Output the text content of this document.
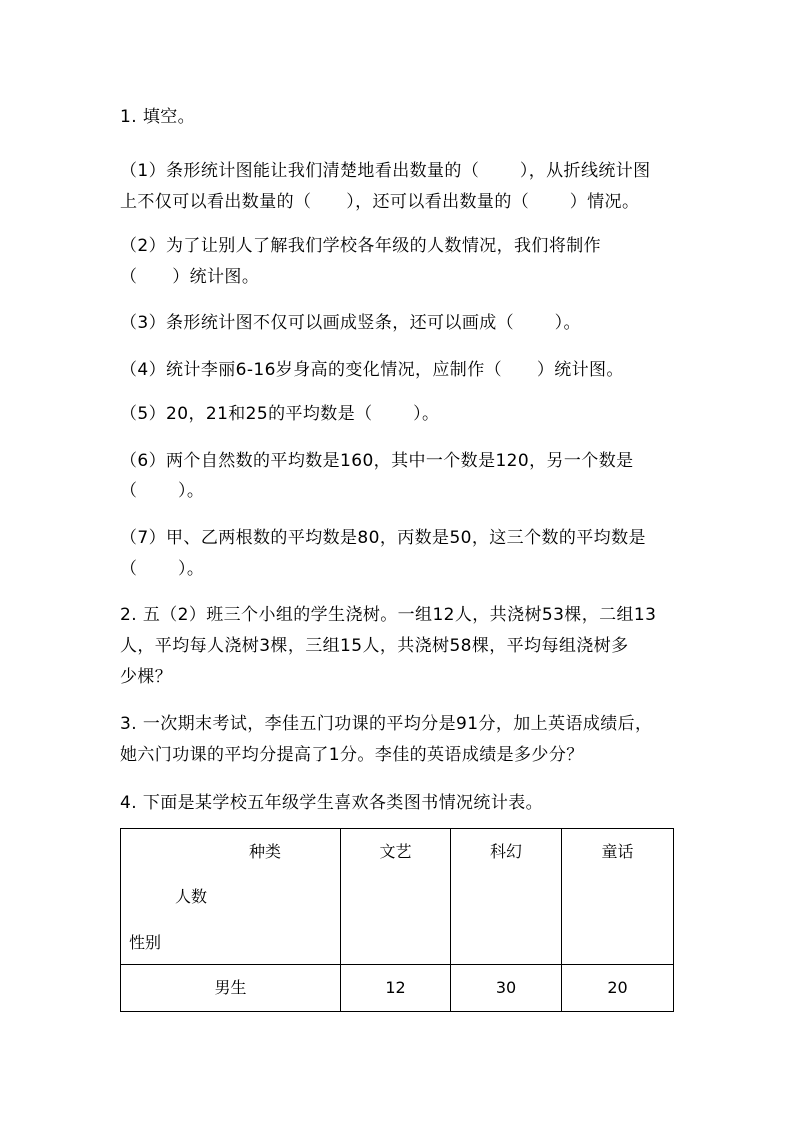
1. 填空。
（1）条形统计图能让我们清楚地看出数量的（       ），从折线统计图
上不仅可以看出数量的（      ），还可以看出数量的（       ）情况。
（2）为了让别人了解我们学校各年级的人数情况，我们将制作
（      ）统计图。
（3）条形统计图不仅可以画成竖条，还可以画成（       ）。
（4）统计李丽6-16岁身高的变化情况，应制作（      ）统计图。
（5）20，21和25的平均数是（       ）。
（6）两个自然数的平均数是160，其中一个数是120，另一个数是
（       ）。
（7）甲、乙两根数的平均数是80，丙数是50，这三个数的平均数是
（       ）。
2. 五（2）班三个小组的学生浇树。一组12人，共浇树53棵，二组13
人，平均每人浇树3棵，三组15人，共浇树58棵，平均每组浇树多
少棵？
3. 一次期末考试，李佳五门功课的平均分是91分，加上英语成绩后，
她六门功课的平均分提高了1分。李佳的英语成绩是多少分？
4. 下面是某学校五年级学生喜欢各类图书情况统计表。
种类
人数
性别	文艺	科幻	童话

男生	12	30	20
